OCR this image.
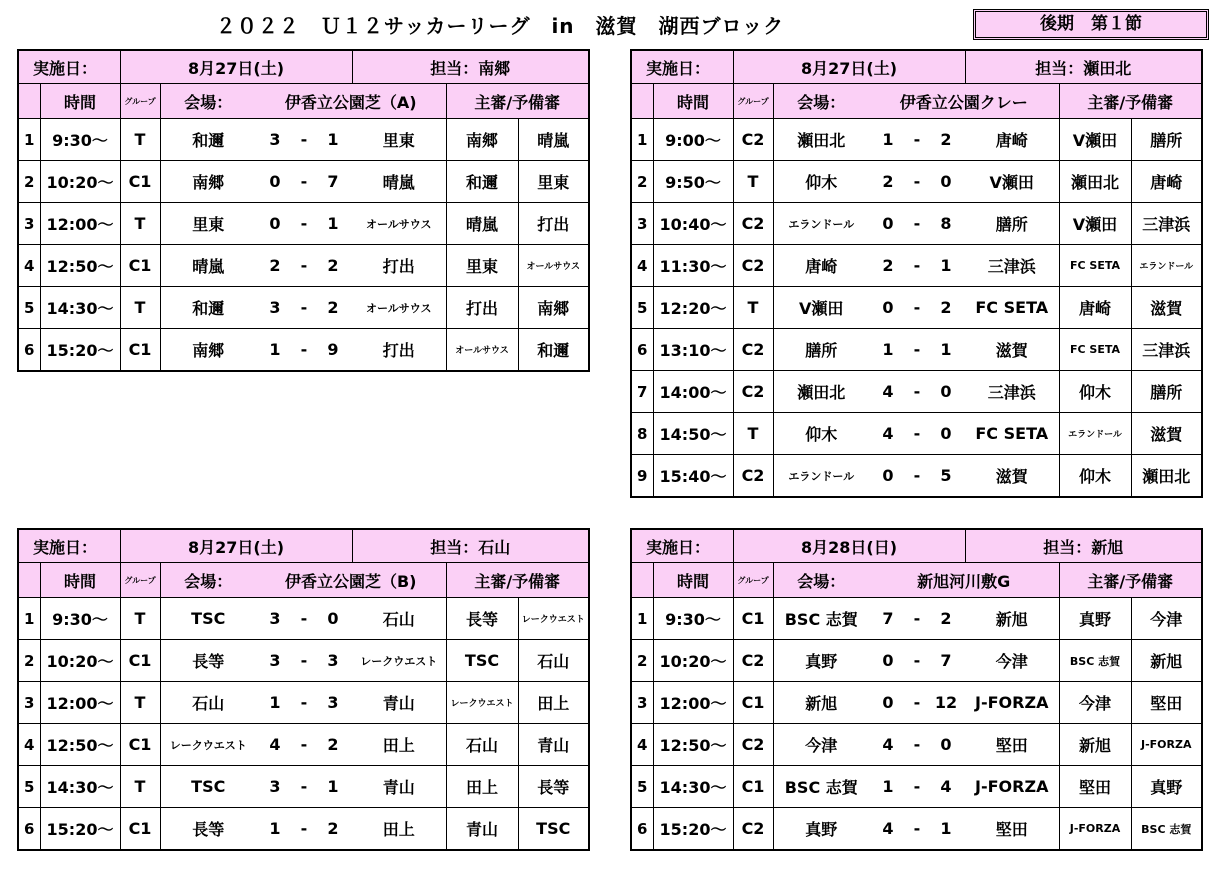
２０２２　Ｕ１２サッカーリーグ　in　滋賀　湖西ブロック	後期　第１節
実施日：		8月27日(土)					担当：南郷		
	時間	グループ	会場：	伊香立公園芝（A)				主審/予備審	
1	9:30～	T	和邇	3	-	1	里東	南郷	晴嵐
2	10:20～	C1	南郷	0	-	7	晴嵐	和邇	里東
3	12:00～	T	里東	0	-	1	オールサウス	晴嵐	打出
4	12:50～	C1	晴嵐	2	-	2	打出	里東	オールサウス
5	14:30～	T	和邇	3	-	2	オールサウス	打出	南郷
6	15:20～	C1	南郷	1	-	9	打出	オールサウス	和邇
実施日：		8月27日(土)					担当：瀬田北		
	時間	グループ	会場：	伊香立公園クレー				主審/予備審	
1	9:00～	C2	瀬田北	1	-	2	唐崎	V瀬田	膳所
2	9:50～	T	仰木	2	-	0	V瀬田	瀬田北	唐崎
3	10:40～	C2	エランドール	0	-	8	膳所	V瀬田	三津浜
4	11:30～	C2	唐崎	2	-	1	三津浜	FC SETA	エランドール
5	12:20～	T	V瀬田	0	-	2	FC SETA	唐崎	滋賀
6	13:10～	C2	膳所	1	-	1	滋賀	FC SETA	三津浜
7	14:00～	C2	瀬田北	4	-	0	三津浜	仰木	膳所
8	14:50～	T	仰木	4	-	0	FC SETA	エランドール	滋賀
9	15:40～	C2	エランドール	0	-	5	滋賀	仰木	瀬田北
実施日：		8月27日(土)					担当：石山		
	時間	グループ	会場：	伊香立公園芝（B)				主審/予備審	
1	9:30～	T	TSC	3	-	0	石山	長等	レークウエスト
2	10:20～	C1	長等	3	-	3	レークウエスト	TSC	石山
3	12:00～	T	石山	1	-	3	青山	レークウエスト	田上
4	12:50～	C1	レークウエスト	4	-	2	田上	石山	青山
5	14:30～	T	TSC	3	-	1	青山	田上	長等
6	15:20～	C1	長等	1	-	2	田上	青山	TSC
実施日：		8月28日(日)					担当：新旭		
	時間	グループ	会場：	新旭河川敷G				主審/予備審	
1	9:30～	C1	BSC 志賀	7	-	2	新旭	真野	今津
2	10:20～	C2	真野	0	-	7	今津	BSC 志賀	新旭
3	12:00～	C1	新旭	0	-	12	J-FORZA	今津	堅田
4	12:50～	C2	今津	4	-	0	堅田	新旭	J-FORZA
5	14:30～	C1	BSC 志賀	1	-	4	J-FORZA	堅田	真野
6	15:20～	C2	真野	4	-	1	堅田	J-FORZA	BSC 志賀
